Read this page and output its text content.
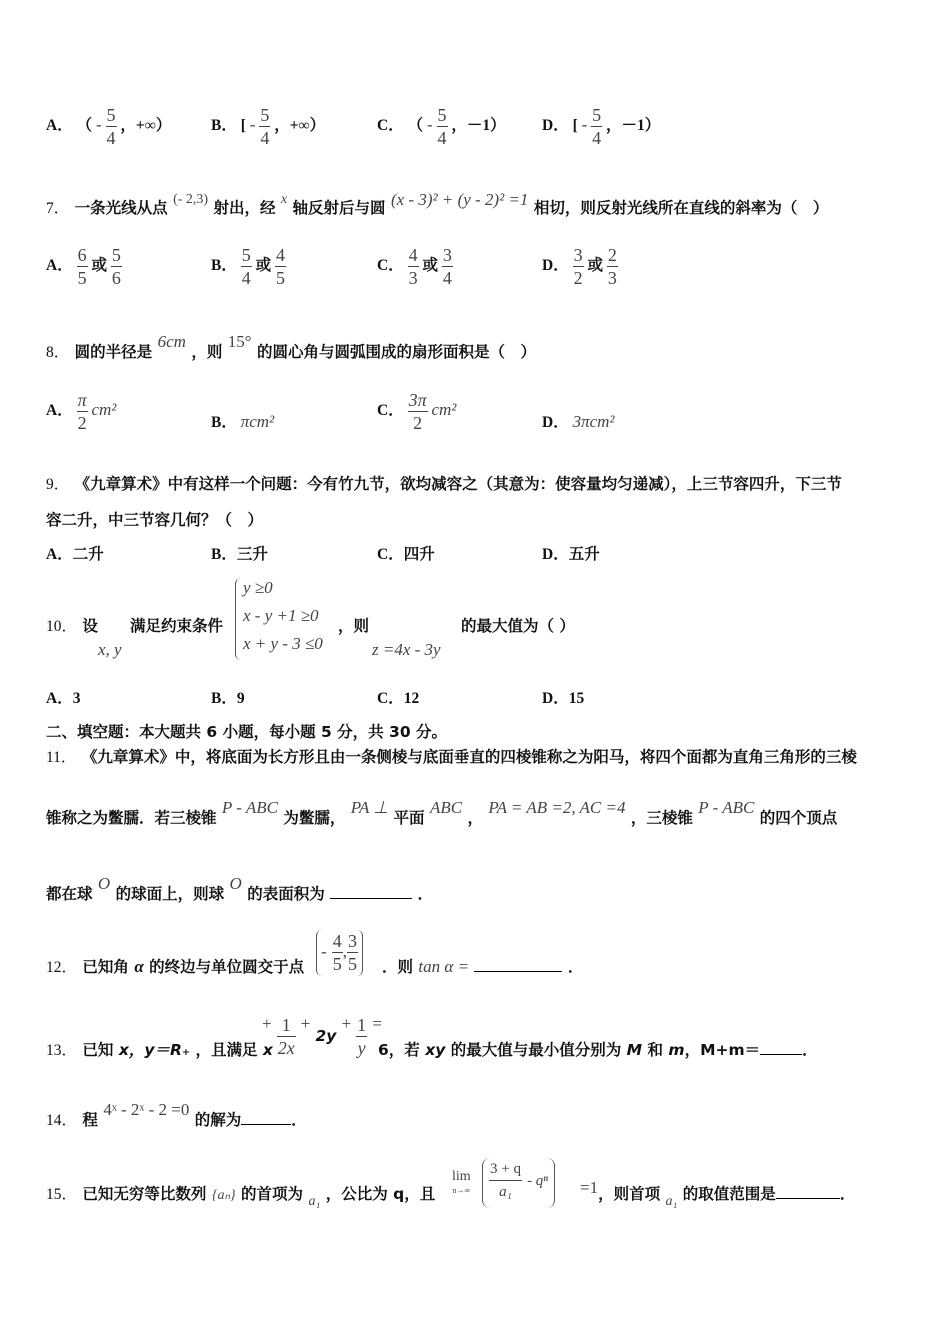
A． （ - $\frac{5}{4}$ ，+∞）	B． [ - $\frac{5}{4}$ ，+∞）	C． （ - $\frac{5}{4}$ ，－1） D． [ - $\frac{5}{4}$ ，－1）
7． 一条光线从点 (- 2,3) 射出，经 x 轴反射后与圆 (x - 3)² + (y - 2)² =1 相切，则反射光线所在直线的斜率为（　）
A． $\frac{6}{5}$ 或 $\frac{5}{6}$	B． $\frac{5}{4}$ 或 $\frac{4}{5}$	C． $\frac{4}{3}$ 或 $\frac{3}{4}$	D． $\frac{3}{2}$ 或 $\frac{2}{3}$
8． 圆的半径是 6cm ，则 15° 的圆心角与圆弧围成的扇形面积是（　）
A． $\frac{\pi}{2} cm^2$
B． πcm²
C． $\frac{3\pi}{2} cm^2$
D． 3πcm²
9． 《九章算术》中有这样一个问题：今有竹九节，欲均减容之（其意为：使容量均匀递减），上三节容四升，下三节
容二升，中三节容几何？（　）
A．二升	B．三升	C．四升	D．五升
10． 设
x, y
满足约束条件
y ≥0
x - y +1 ≥0
x + y - 3 ≤0
，则
z =4x - 3y
的最大值为（ ）
A．3	B．9	C．12	D．15
二、填空题：本大题共 6 小题，每小题 5 分，共 30 分。
11． 《九章算术》中，将底面为长方形且由一条侧棱与底面垂直的四棱锥称之为阳马，将四个面都为直角三角形的三棱
锥称之为鳖臑．若三棱锥 P - ABC 为鳖臑， PA ⊥ 平面 ABC ， PA = AB =2, AC =4 ，三棱锥 P - ABC 的四个顶点
都在球 O 的球面上，则球 O 的表面积为	．
12． 已知角 α 的终边与单位圆交于点
- $\frac{4}{5}$ , $\frac{3}{5}$ ．则 tan α =	．
13． 已知 x，y＝R₊ ，且满足 x
+ $\frac{1}{2x} + 2y + \frac{1}{y}$ =
6，若 xy 的最大值与最小值分别为 M 和 m，M+m＝	．
14． 程 4ˣ - 2ˣ - 2 =0 的解为	．
15． 已知无穷等比数列 {aₙ} 的首项为 a₁ ，公比为 q，且
lim
$n\to\infty \frac{3 + q}{\text{a₁}} - q^n$	=1，则首项 a₁ 的取值范围是	．
